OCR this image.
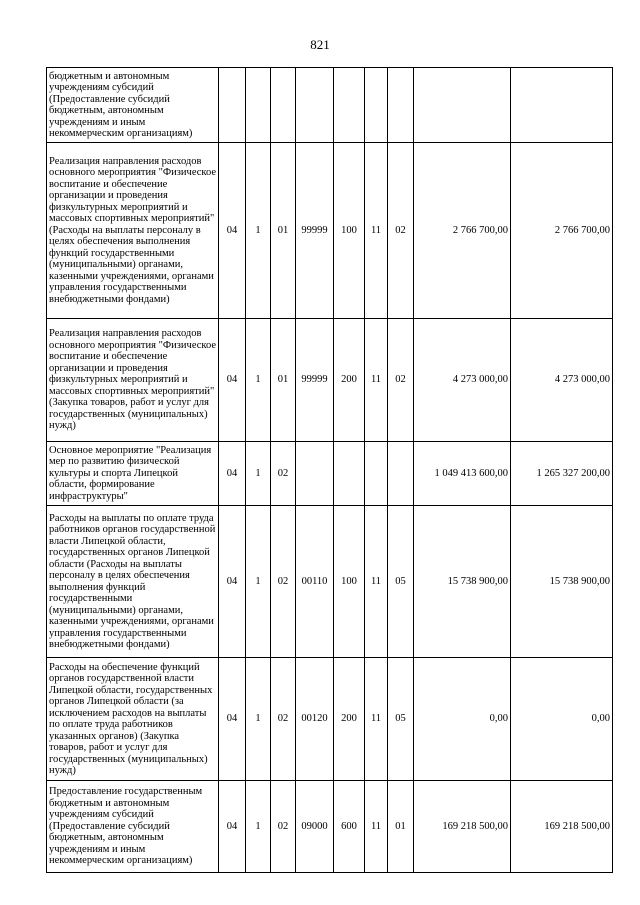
821
бюджетным и автономным учреждениям субсидий (Предоставление субсидий бюджетным, автономным учреждениям и иным некоммерческим организациям)									
Реализация направления расходов основного мероприятия "Физическое воспитание и обеспечение организации и проведения физкультурных мероприятий и массовых спортивных мероприятий" (Расходы на выплаты персоналу в целях обеспечения выполнения функций государственными (муниципальными) органами, казенными учреждениями, органами управления государственными внебюджетными фондами)	04	1	01	99999	100	11	02	2 766 700,00	2 766 700,00
Реализация направления расходов основного мероприятия "Физическое воспитание и обеспечение организации и проведения физкультурных мероприятий и массовых спортивных мероприятий" (Закупка товаров, работ и услуг для государственных (муниципальных) нужд)	04	1	01	99999	200	11	02	4 273 000,00	4 273 000,00
Основное мероприятие "Реализация мер по развитию физической культуры и спорта Липецкой области, формирование инфраструктуры"	04	1	02					1 049 413 600,00	1 265 327 200,00
Расходы на выплаты по оплате труда работников органов государственной власти Липецкой области, государственных органов Липецкой области (Расходы на выплаты персоналу в целях обеспечения выполнения функций государственными (муниципальными) органами, казенными учреждениями, органами управления государственными внебюджетными фондами)	04	1	02	00110	100	11	05	15 738 900,00	15 738 900,00
Расходы на обеспечение функций органов государственной власти Липецкой области, государственных органов Липецкой области (за исключением расходов на выплаты по оплате труда работников указанных органов) (Закупка товаров, работ и услуг для государственных (муниципальных) нужд)	04	1	02	00120	200	11	05	0,00	0,00
Предоставление государственным бюджетным и автономным учреждениям субсидий (Предоставление субсидий бюджетным, автономным учреждениям и иным некоммерческим организациям)	04	1	02	09000	600	11	01	169 218 500,00	169 218 500,00
